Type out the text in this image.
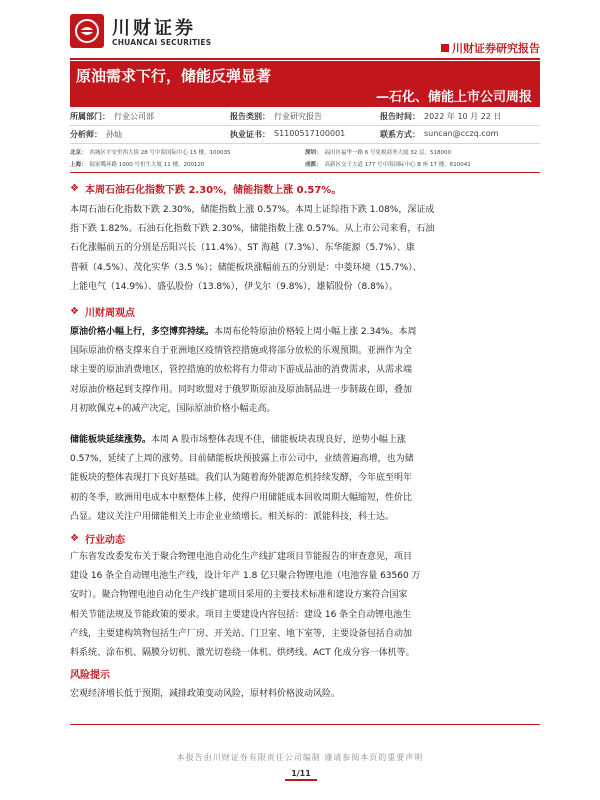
川财证券
CHUANCAI SECURITIES	川财证券研究报告
原油需求下行，储能反弹显著
—石化、储能上市公司周报
所属部门： 行业公司部	报告类别： 行业研究报告	报告时间： 2022 年 10 月 22 日
分析师： 孙灿	执业证书： S1100517100001	联系方式： suncan@cczq.com
北京： 西城区平安里西大街 28 号中海国际中心 15 楼，100035	深圳： 福田区福华一路 6 号免税商务大厦 32 层，518000
上海： 陆家嘴环路 1000 号恒生大厦 11 楼，200120	成都： 高新区交子大道 177 号中海国际中心 B 座 17 楼，610041
❖ 本周石油石化指数下跌 2.30%，储能指数上涨 0.57%。
本周石油石化指数下跌 2.30%，储能指数上涨 0.57%。本周上证综指下跌 1.08%，深证成
指下跌 1.82%。石油石化指数下跌 2.30%，储能指数上涨 0.57%。从上市公司来看，石油
石化涨幅前五的分别是岳阳兴长（11.4%）、ST 海越（7.3%）、东华能源（5.7%）、康
普顿（4.5%）、茂化实华（3.5 %）；储能板块涨幅前五的分别是：中菱环境（15.7%）、
上能电气（14.9%）、盛弘股份（13.8%），伊戈尔（9.8%），雄韬股份（8.8%）。
❖ 川财周观点
原油价格小幅上行，多空博弈持续。本周布伦特原油价格较上周小幅上涨 2.34%。本周
国际原油价格支撑来自于亚洲地区疫情管控措施或将部分放松的乐观预期。亚洲作为全
球主要的原油消费地区，管控措施的放松将有力带动下游成品油的消费需求，从需求端
对原油价格起到支撑作用。同时欧盟对于俄罗斯原油及原油制品进一步制裁在即，叠加
月初欧佩克+的减产决定，国际原油价格小幅走高。
储能板块延续涨势。本周 A 股市场整体表现不佳，储能板块表现良好，逆势小幅上涨
0.57%，延续了上周的涨势。目前储能板块预披露上市公司中，业绩普遍高增，也为储
能板块的整体表现打下良好基础。我们认为随着海外能源危机持续发酵，今年底至明年
初的冬季，欧洲用电成本中枢整体上移，使得户用储能成本回收周期大幅缩短，性价比
凸显。建议关注户用储能相关上市企业业绩增长。相关标的：派能科技，科士达。
❖ 行业动态
广东省发改委发布关于聚合物锂电池自动化生产线扩建项目节能报告的审查意见，项目
建设 16 条全自动锂电池生产线，设计年产 1.8 亿只聚合物锂电池（电池容量 63560 万
安时）。聚合物锂电池自动化生产线扩建项目采用的主要技术标准和建设方案符合国家
相关节能法规及节能政策的要求。项目主要建设内容包括：建设 16 条全自动锂电池生
产线，主要建构筑物包括生产厂房、开关站、门卫室、地下室等，主要设备包括自动加
料系统、涂布机、隔膜分切机、激光切卷绕一体机、烘烤线、ACT 化成分容一体机等。
风险提示
宏观经济增长低于预期，减排政策变动风险，原材料价格波动风险。
本报告由川财证券有限责任公司编制 谨请参阅本页的重要声明
1/11
